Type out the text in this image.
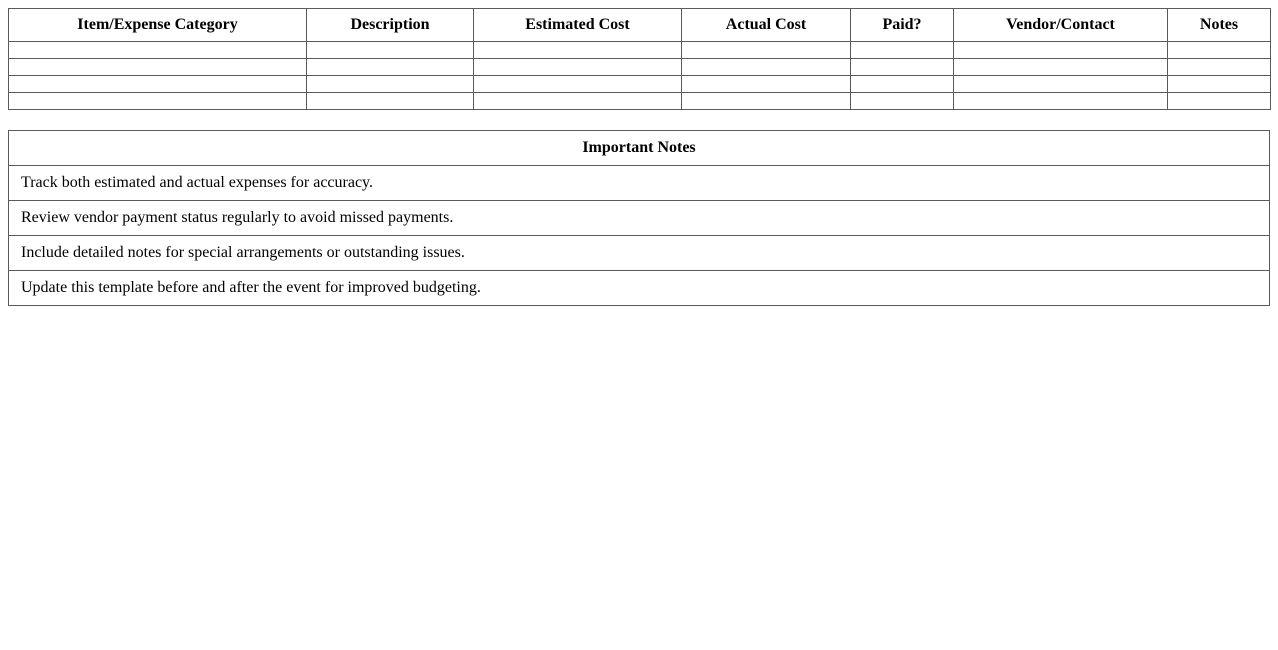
Item/Expense Category	Description	Estimated Cost	Actual Cost	Paid?	Vendor/Contact	Notes

Important Notes
Track both estimated and actual expenses for accuracy.
Review vendor payment status regularly to avoid missed payments.
Include detailed notes for special arrangements or outstanding issues.
Update this template before and after the event for improved budgeting.
